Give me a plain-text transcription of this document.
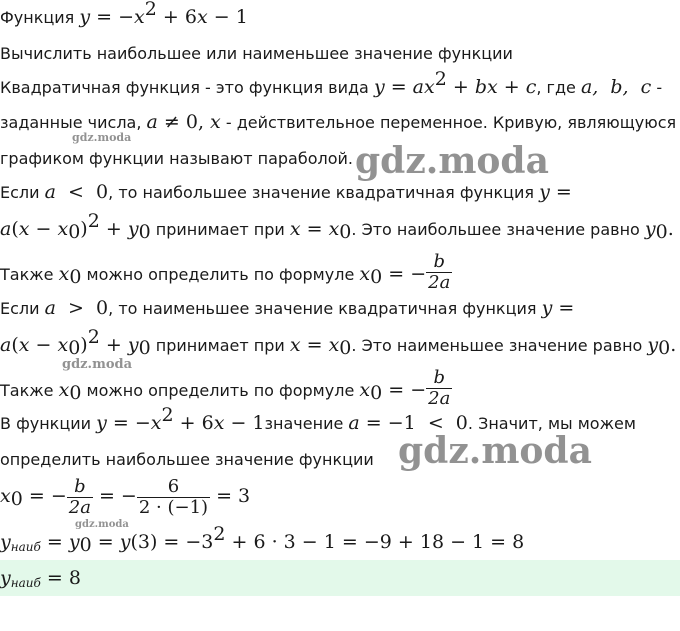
Функция $y = -x^2 + 6x - 1$
Вычислить наибольшее или наименьшее значение функции
Квадратичная функция - это функция вида $y = ax^2$ + bx + c, где a,  b,  c -
заданные числа, a ≠ 0, x - действительное переменное. Кривую, являющуюся
графиком функции называют параболой.
Если a  <  0, то наибольшее значение квадратичная функция y =
$a(x - x_0)^2 + y_0$ принимает при $x = x_0$. Это наибольшее значение равно $y_0$.
Также $x_0$ можно определить по формуле $x_0$ = − $\frac{b}{2a}$
Если a  >  0, то наименьшее значение квадратичная функция y =
$a(x - x_0)^2 + y_0$ принимает при $x = x_0$. Это наименьшее значение равно $y_0$.
Также $x_0$ можно определить по формуле $x_0$ = − $\frac{b}{2a}$
В функции $y = -x^2 + 6x$ − 1значение a = −1  <  0. Значит, мы можем
определить наибольшее значение функции
$x_0$ = − $\frac{b}{2a}$ = − $\frac{6}{2 \cdot (-1)} = 3$
$y_{наиб} = y_0 = y(3) = -3^2 + 6 \cdot 3 - 1 = -9 + 18 - 1 = 8$
$y_{наиб} = 8$
gdz.moda
gdz.moda
gdz.moda
gdz.moda
gdz.moda
